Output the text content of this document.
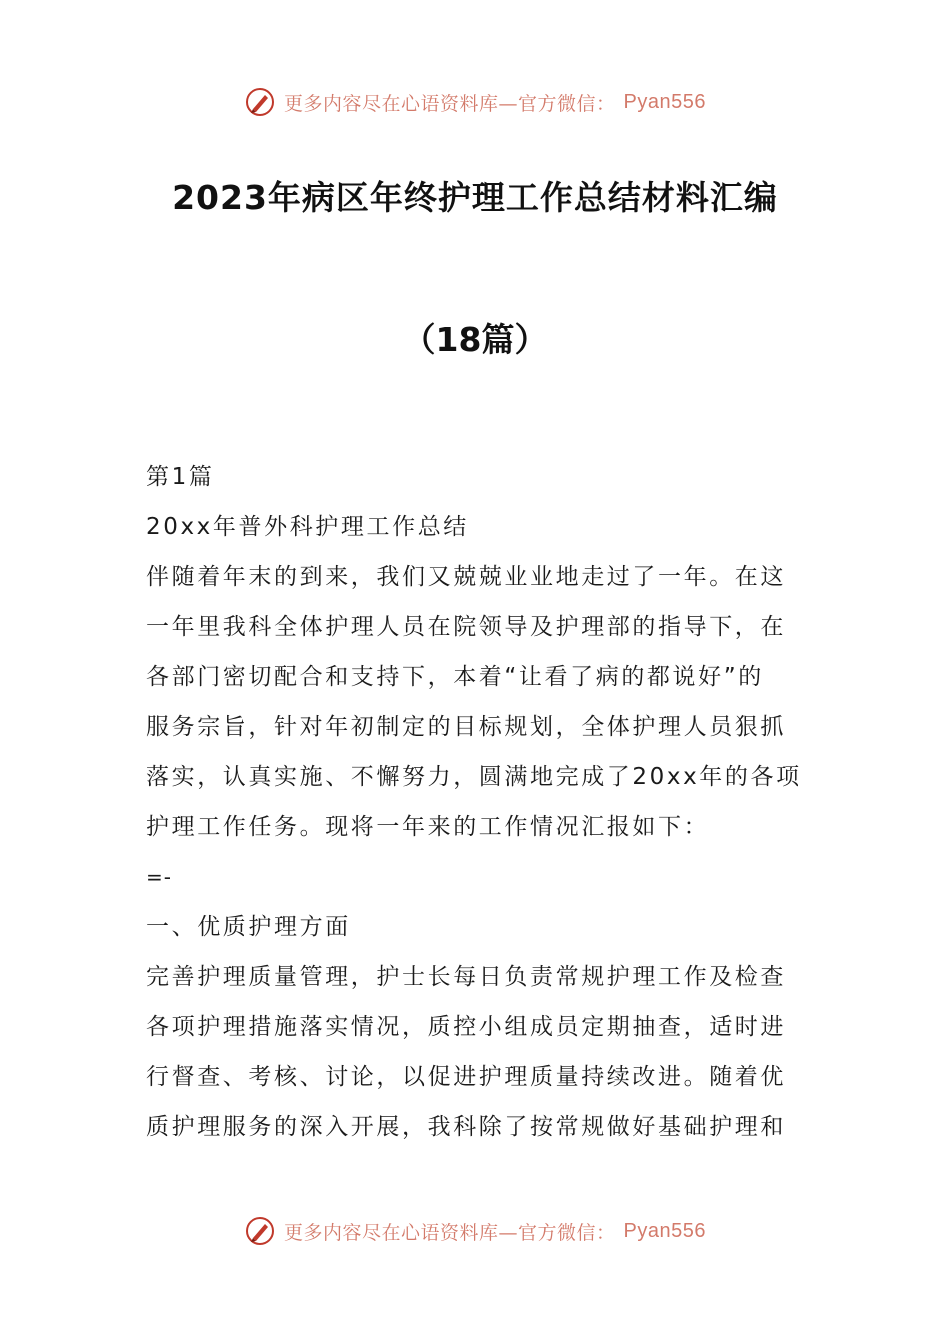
更多内容尽在心语资料库—官方微信： Pyan556
2023年病区年终护理工作总结材料汇编
（18篇）
第1篇
20xx年普外科护理工作总结
伴随着年末的到来，我们又兢兢业业地走过了一年。在这
一年里我科全体护理人员在院领导及护理部的指导下，在
各部门密切配合和支持下，本着“让看了病的都说好”的
服务宗旨，针对年初制定的目标规划，全体护理人员狠抓
落实，认真实施、不懈努力，圆满地完成了20xx年的各项
护理工作任务。现将一年来的工作情况汇报如下：
=-
一、优质护理方面
完善护理质量管理，护士长每日负责常规护理工作及检查
各项护理措施落实情况，质控小组成员定期抽查，适时进
行督查、考核、讨论，以促进护理质量持续改进。随着优
质护理服务的深入开展，我科除了按常规做好基础护理和
更多内容尽在心语资料库—官方微信： Pyan556
